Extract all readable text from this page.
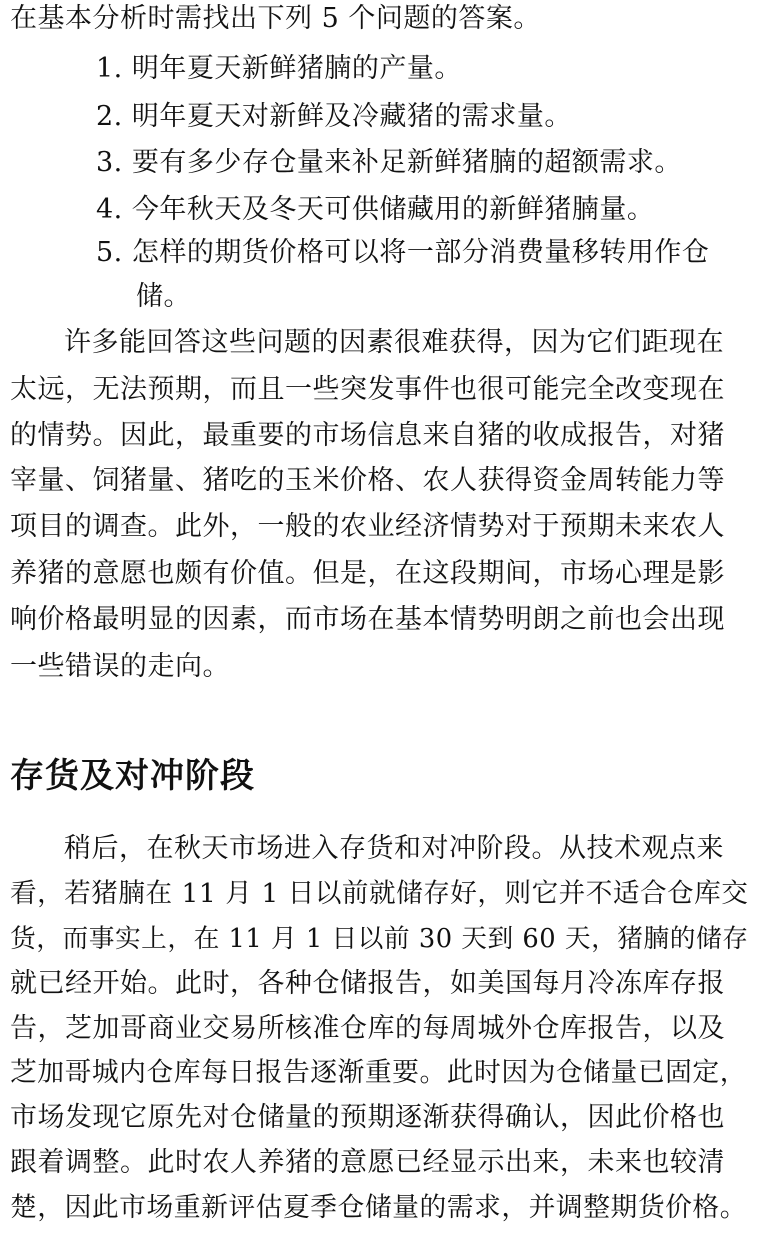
在基本分析时需找出下列 5 个问题的答案。
1. 明年夏天新鲜猪腩的产量。
2. 明年夏天对新鲜及冷藏猪的需求量。
3. 要有多少存仓量来补足新鲜猪腩的超额需求。
4. 今年秋天及冬天可供储藏用的新鲜猪腩量。
5. 怎样的期货价格可以将一部分消费量移转用作仓
储。
许多能回答这些问题的因素很难获得，因为它们距现在
太远，无法预期，而且一些突发事件也很可能完全改变现在
的情势。因此，最重要的市场信息来自猪的收成报告，对猪
宰量、饲猪量、猪吃的玉米价格、农人获得资金周转能力等
项目的调查。此外，一般的农业经济情势对于预期未来农人
养猪的意愿也颇有价值。但是，在这段期间，市场心理是影
响价格最明显的因素，而市场在基本情势明朗之前也会出现
一些错误的走向。
存货及对冲阶段
稍后，在秋天市场进入存货和对冲阶段。从技术观点来
看，若猪腩在 11 月 1 日以前就储存好，则它并不适合仓库交
货，而事实上，在 11 月 1 日以前 30 天到 60 天，猪腩的储存
就已经开始。此时，各种仓储报告，如美国每月冷冻库存报
告，芝加哥商业交易所核准仓库的每周城外仓库报告，以及
芝加哥城内仓库每日报告逐渐重要。此时因为仓储量已固定，
市场发现它原先对仓储量的预期逐渐获得确认，因此价格也
跟着调整。此时农人养猪的意愿已经显示出来，未来也较清
楚，因此市场重新评估夏季仓储量的需求，并调整期货价格。
